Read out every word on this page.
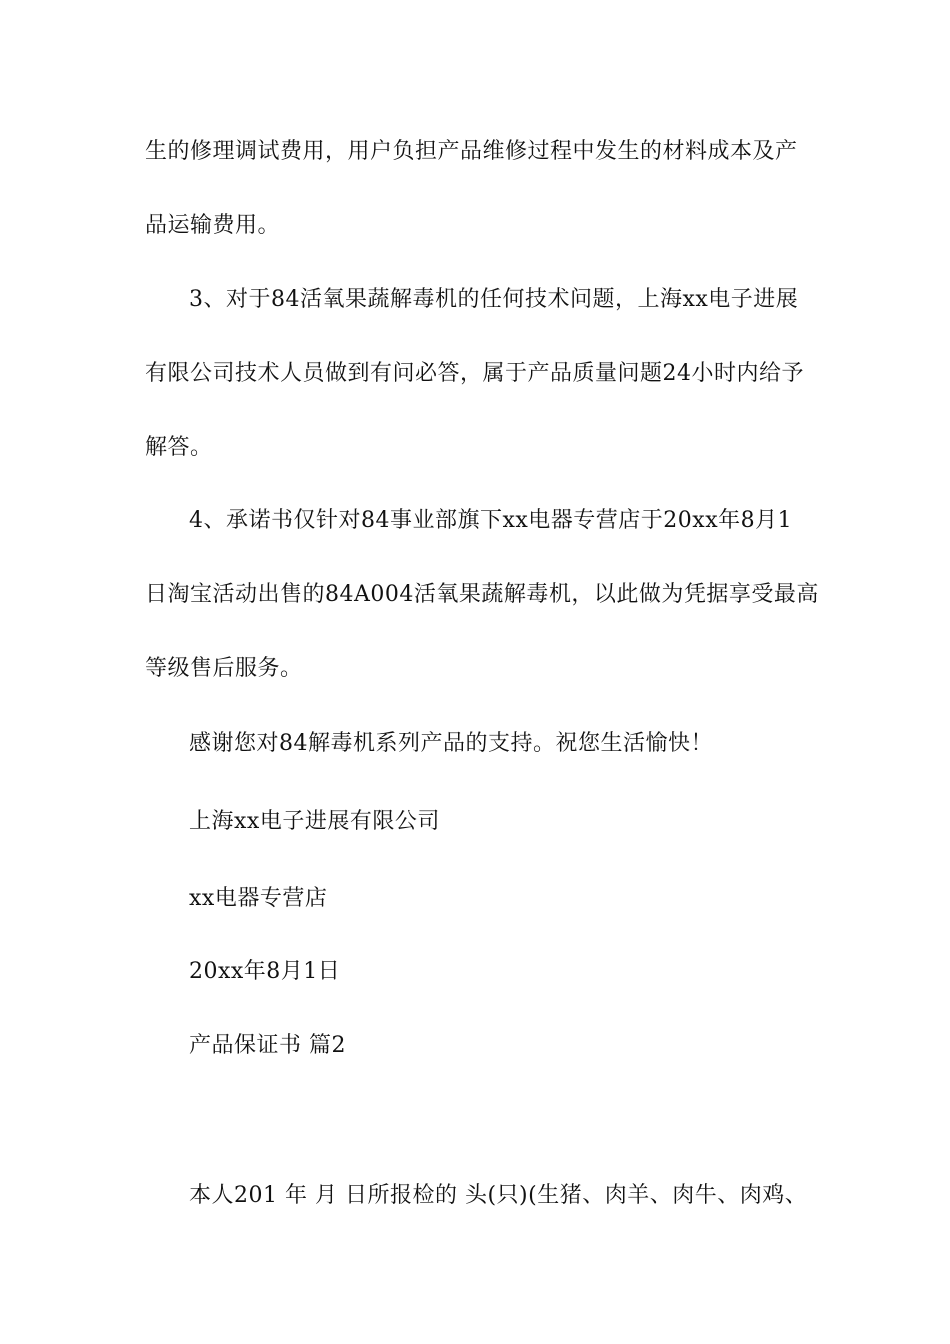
生的修理调试费用，用户负担产品维修过程中发生的材料成本及产
品运输费用。
3、对于84活氧果蔬解毒机的任何技术问题，上海xx电子进展
有限公司技术人员做到有问必答，属于产品质量问题24小时内给予
解答。
4、承诺书仅针对84事业部旗下xx电器专营店于20xx年8月1
日淘宝活动出售的84A004活氧果蔬解毒机，以此做为凭据享受最高
等级售后服务。
感谢您对84解毒机系列产品的支持。祝您生活愉快！
上海xx电子进展有限公司
xx电器专营店
20xx年8月1日
产品保证书 篇2
本人201 年 月 日所报检的 头(只)(生猪、肉羊、肉牛、肉鸡、
